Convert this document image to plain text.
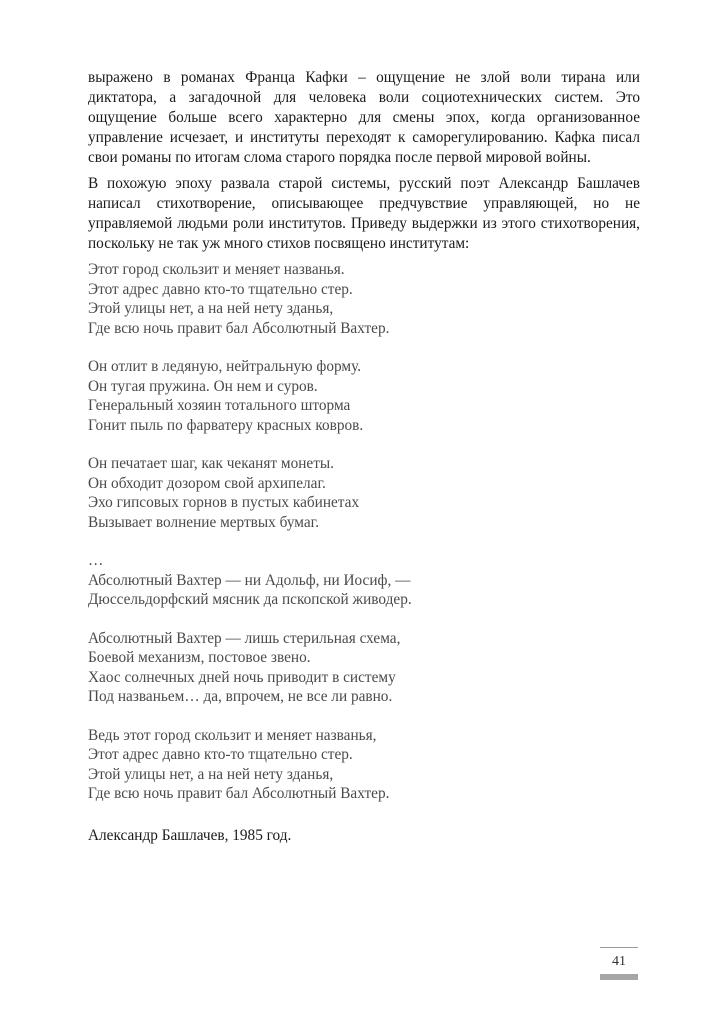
выражено в романах Франца Кафки – ощущение не злой воли тирана или диктатора, а загадочной для человека воли социотехнических систем. Это ощущение больше всего характерно для смены эпох, когда организованное управление исчезает, и институты переходят к саморегулированию. Кафка писал свои романы по итогам слома старого порядка после первой мировой войны.

В похожую эпоху развала старой системы, русский поэт Александр Башлачев написал стихотворение, описывающее предчувствие управляющей, но не управляемой людьми роли институтов. Приведу выдержки из этого стихотворения, поскольку не так уж много стихов посвящено институтам:

Этот город скользит и меняет названья.
Этот адрес давно кто-то тщательно стер.
Этой улицы нет, а на ней нету зданья,
Где всю ночь правит бал Абсолютный Вахтер.
Он отлит в ледяную, нейтральную форму.
Он тугая пружина. Он нем и суров.
Генеральный хозяин тотального шторма
Гонит пыль по фарватеру красных ковров.
Он печатает шаг, как чеканят монеты.
Он обходит дозором свой архипелаг.
Эхо гипсовых горнов в пустых кабинетах
Вызывает волнение мертвых бумаг.
…
Абсолютный Вахтер — ни Адольф, ни Иосиф, —
Дюссельдорфский мясник да пскопской живодер.
Абсолютный Вахтер — лишь стерильная схема,
Боевой механизм, постовое звено.
Хаос солнечных дней ночь приводит в систему
Под названьем… да, впрочем, не все ли равно.
Ведь этот город скользит и меняет названья,
Этот адрес давно кто-то тщательно стер.
Этой улицы нет, а на ней нету зданья,
Где всю ночь правит бал Абсолютный Вахтер.
Александр Башлачев, 1985 год.
41
